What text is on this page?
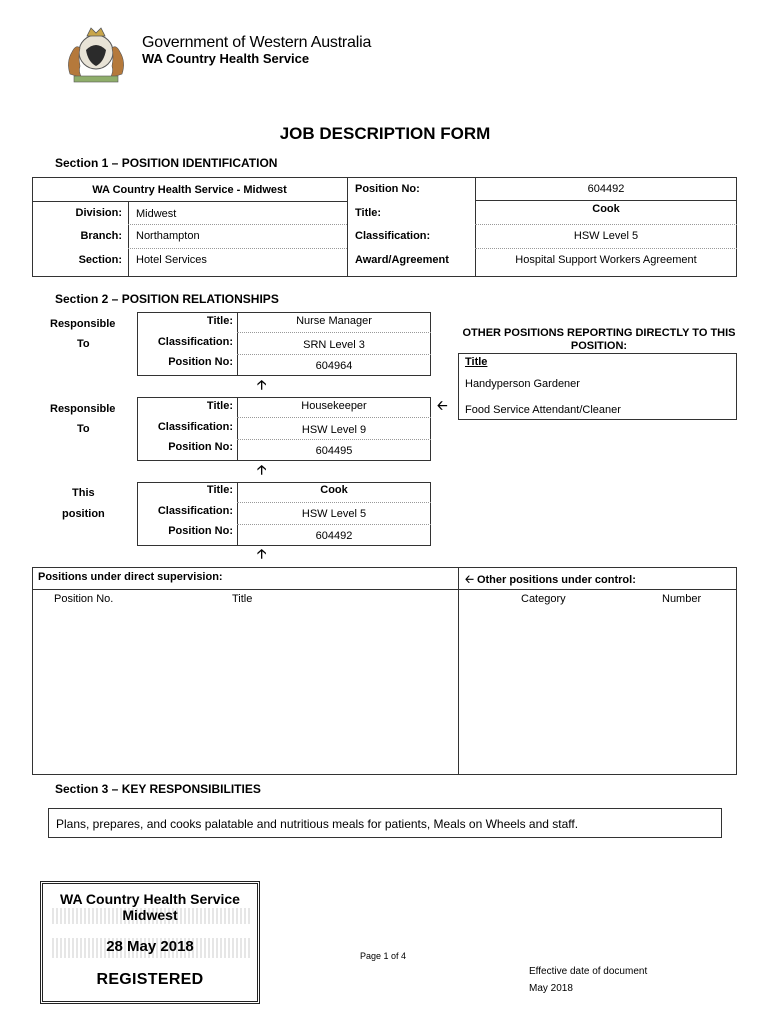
Government of Western Australia
WA Country Health Service
JOB DESCRIPTION FORM
Section 1 – POSITION IDENTIFICATION
WA Country Health Service - Midwest
Division: Midwest
Branch: Northampton
Section: Hotel Services
Position No:	604492
Title:	Cook
Classification:	HSW Level 5
Award/Agreement	Hospital Support Workers Agreement
Section 2 – POSITION RELATIONSHIPS
Responsible
To
Title:	Nurse Manager
Classification:	SRN Level 3
Position No:	604964
🡡
Responsible
To
Title:	Housekeeper
Classification:	HSW Level 9
Position No:	604495
🡠
🡡
This
position
Title:	Cook
Classification:	HSW Level 5
Position No:	604492
🡡
OTHER POSITIONS REPORTING DIRECTLY TO THIS POSITION:
Title
Handyperson Gardener
Food Service Attendant/Cleaner
Positions under direct supervision:	🡠 Other positions under control:
Position No.	Title	Category	Number
Section 3 – KEY RESPONSIBILITIES
Plans, prepares, and cooks palatable and nutritious meals for patients, Meals on Wheels and staff.
WA Country Health Service
Midwest
28 May 2018
REGISTERED
Page 1 of 4
Effective date of document
May 2018
